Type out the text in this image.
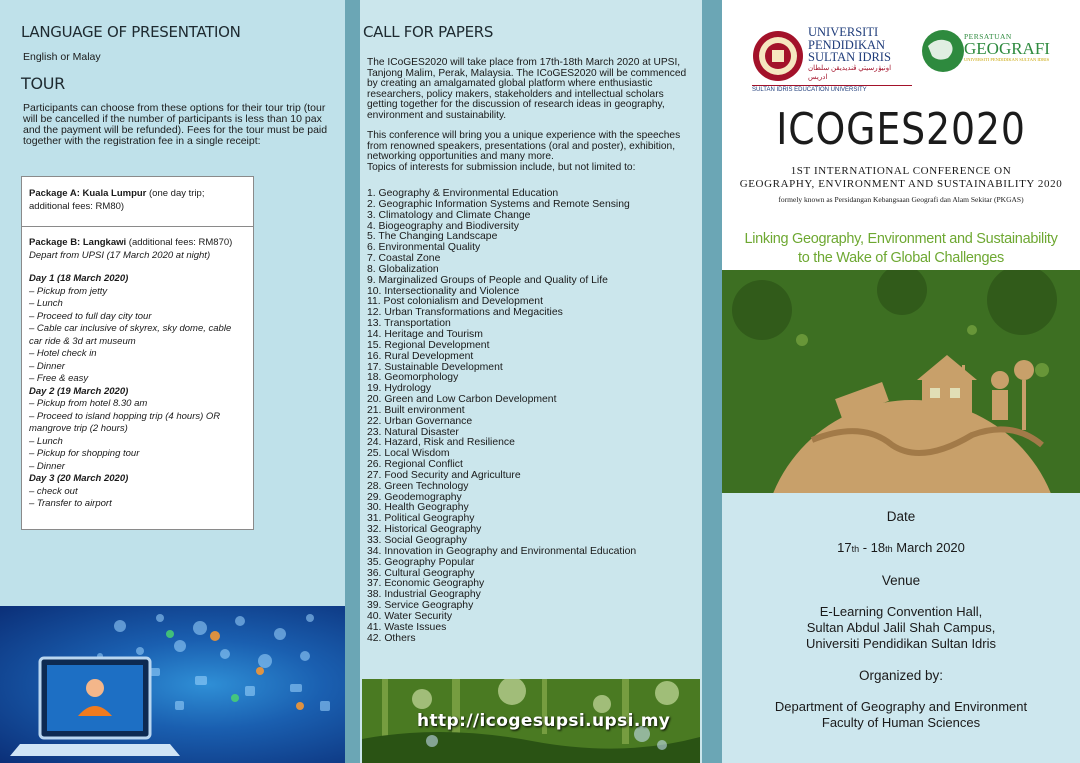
LANGUAGE OF PRESENTATION
English or Malay
TOUR
Participants can choose from these options for their tour trip (tour will be cancelled if the number of participants is less than 10 pax and the payment will be refunded). Fees for the tour must be paid together with the registration fee in a single receipt:
Package A: Kuala Lumpur (one day trip; additional fees: RM80)
Package B: Langkawi (additional fees: RM870) Depart from UPSI (17 March 2020 at night)
Day 1 (18 March 2020)
– Pickup from jetty
– Lunch
– Proceed to full day city tour
– Cable car inclusive of skyrex, sky dome, cable car ride & 3d art museum
– Hotel check in
– Dinner
– Free & easy
Day 2 (19 March 2020)
– Pickup from hotel 8.30 am
– Proceed to island hopping trip (4 hours) OR mangrove trip (2 hours)
– Lunch
– Pickup for shopping tour
– Dinner
Day 3 (20 March 2020)
– check out
– Transfer to airport
CALL FOR PAPERS

The ICoGES2020 will take place from 17th-18th March 2020 at UPSI, Tanjong Malim, Perak, Malaysia. The ICoGES2020 will be commenced by creating an amalgamated global platform where enthusiastic researchers, policy makers, stakeholders and intellectual scholars getting together for the discussion of research ideas in geography, environment and sustainability.

This conference will bring you a unique experience with the speeches from renowned speakers, presentations (oral and poster), exhibition, networking opportunities and many more.
Topics of interests for submission include, but not limited to:
1. Geography & Environmental Education
2. Geographic Information Systems and Remote Sensing
3. Climatology and Climate Change
4. Biogeography and Biodiversity
5. The Changing Landscape
6. Environmental Quality
7. Coastal Zone
8. Globalization
9. Marginalized Groups of People and Quality of Life
10. Intersectionality and Violence
11. Post colonialism and Development
12. Urban Transformations and Megacities
13. Transportation
14. Heritage and Tourism
15. Regional Development
16. Rural Development
17. Sustainable Development
18. Geomorphology
19. Hydrology
20. Green and Low Carbon Development
21. Built environment
22. Urban Governance
23. Natural Disaster
24. Hazard, Risk and Resilience
25. Local Wisdom
26. Regional Conflict
27. Food Security and Agriculture
28. Green Technology
29. Geodemography
30. Health Geography
31. Political Geography
32. Historical Geography
33. Social Geography
34. Innovation in Geography and Environmental Education
35. Geography Popular
36. Cultural Geography
37. Economic Geography
38. Industrial Geography
39. Service Geography
40. Water Security
41. Waste Issues
42. Others
http://icogesupsi.upsi.my
UNIVERSITI
PENDIDIKAN
SULTAN IDRIS
اونيۏرسيتي ڤنديديقن سلطان ادريس
SULTAN IDRIS EDUCATION UNIVERSITY
PERSATUAN
GEOGRAFI
UNIVERSITI PENDIDIKAN SULTAN IDRIS
ICOGES2020
1ST INTERNATIONAL CONFERENCE ON
GEOGRAPHY, ENVIRONMENT AND SUSTAINABILITY 2020
formely known as Persidangan Kebangsaan Geografi dan Alam Sekitar (PKGAS)
Linking Geography, Environment and Sustainability
to the Wake of Global Challenges
Date
17th - 18th March 2020
Venue
E-Learning Convention Hall,
Sultan Abdul Jalil Shah Campus,
Universiti Pendidikan Sultan Idris
Organized by:
Department of Geography and Environment
Faculty of Human Sciences
